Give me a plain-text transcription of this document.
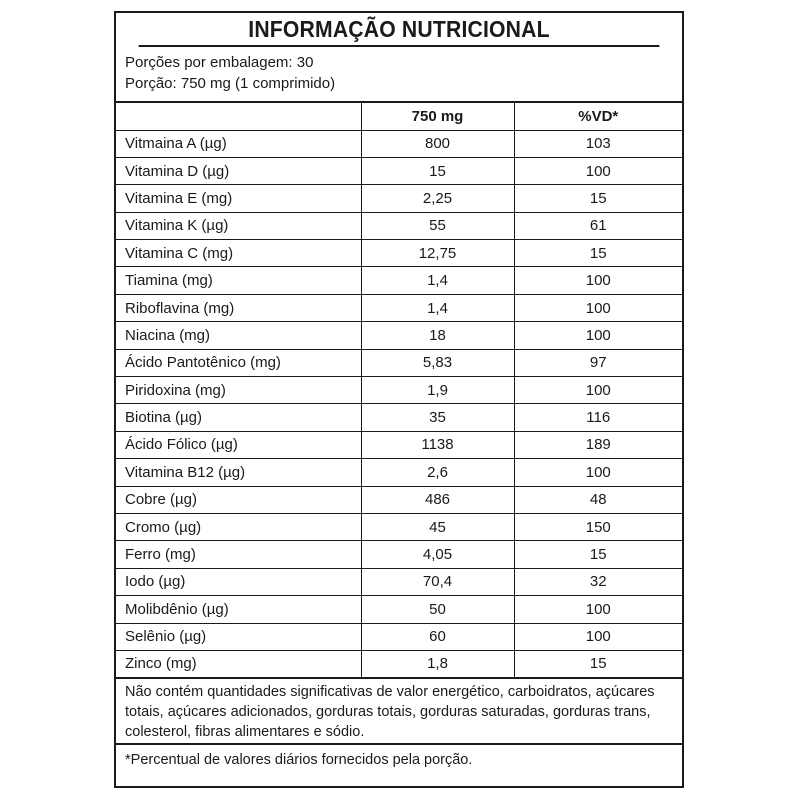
INFORMAÇÃO NUTRICIONAL
Porções por embalagem: 30
Porção: 750 mg (1 comprimido)
	750 mg	%VD*
Vitmaina A (µg)	800	103
Vitamina D (µg)	15	100
Vitamina E (mg)	2,25	15
Vitamina K (µg)	55	61
Vitamina C (mg)	12,75	15
Tiamina (mg)	1,4	100
Riboflavina (mg)	1,4	100
Niacina (mg)	18	100
Ácido Pantotênico (mg)	5,83	97
Piridoxina (mg)	1,9	100
Biotina (µg)	35	116
Ácido Fólico (µg)	1138	189
Vitamina B12 (µg)	2,6	100
Cobre (µg)	486	48
Cromo (µg)	45	150
Ferro (mg)	4,05	15
Iodo (µg)	70,4	32
Molibdênio (µg)	50	100
Selênio (µg)	60	100
Zinco (mg)	1,8	15
Não contém quantidades significativas de valor energético, carboidratos, açúcares totais, açúcares adicionados, gorduras totais, gorduras saturadas, gorduras trans, colesterol, fibras alimentares e sódio.
*Percentual de valores diários fornecidos pela porção.
